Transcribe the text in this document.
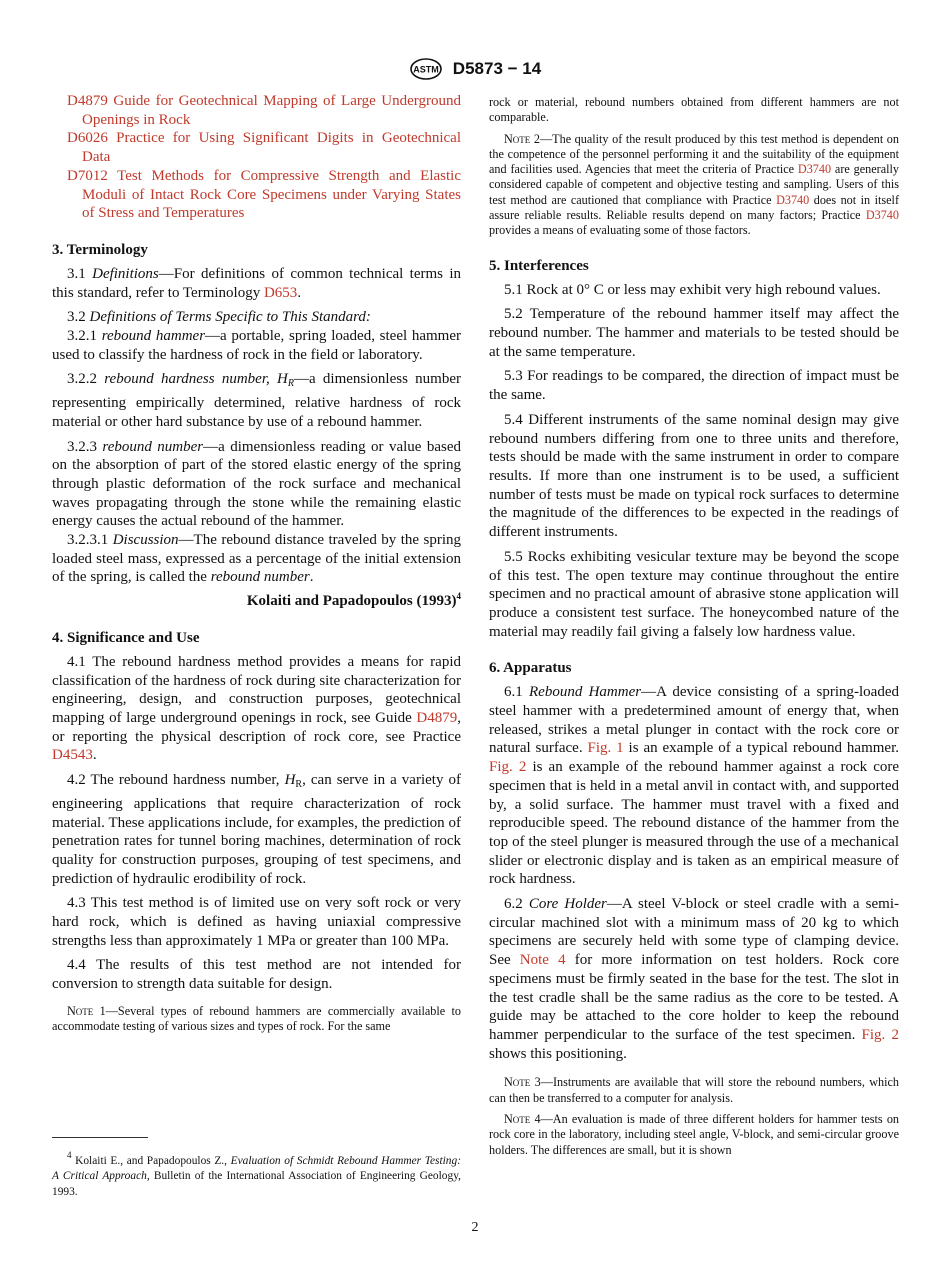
ASTM D5873 − 14

D4879 Guide for Geotechnical Mapping of Large Underground Openings in Rock

D6026 Practice for Using Significant Digits in Geotechnical Data

D7012 Test Methods for Compressive Strength and Elastic Moduli of Intact Rock Core Specimens under Varying States of Stress and Temperatures

3. Terminology

3.1 Definitions—For definitions of common technical terms in this standard, refer to Terminology D653.

3.2 Definitions of Terms Specific to This Standard:

3.2.1 rebound hammer—a portable, spring loaded, steel hammer used to classify the hardness of rock in the field or laboratory.

3.2.2 rebound hardness number, $H_R—a$ dimensionless number representing empirically determined, relative hardness of rock material or other hard substance by use of a rebound hammer.

3.2.3 rebound number—a dimensionless reading or value based on the absorption of part of the stored elastic energy of the spring through plastic deformation of the rock surface and mechanical waves propagating through the stone while the remaining elastic energy causes the actual rebound of the hammer.

3.2.3.1 Discussion—The rebound distance traveled by the spring loaded steel mass, expressed as a percentage of the initial extension of the spring, is called the rebound number.

Kolaiti and Papadopoulos $(1993)^4$

4. Significance and Use

4.1 The rebound hardness method provides a means for rapid classification of the hardness of rock during site characterization for engineering, design, and construction purposes, geotechnical mapping of large underground openings in rock, see Guide D4879, or reporting the physical description of rock core, see Practice D4543.

4.2 The rebound hardness number, $H_R$, can serve in a variety of engineering applications that require characterization of rock material. These applications include, for examples, the prediction of penetration rates for tunnel boring machines, determination of rock quality for construction purposes, grouping of test specimens, and prediction of hydraulic erodibility of rock.

4.3 This test method is of limited use on very soft rock or very hard rock, which is defined as having uniaxial compressive strengths less than approximately 1 MPa or greater than 100 MPa.

4.4 The results of this test method are not intended for conversion to strength data suitable for design.

Note 1—Several types of rebound hammers are commercially available to accommodate testing of various sizes and types of rock. For the same

$^4$ Kolaiti E., and Papadopoulos Z., Evaluation of Schmidt Rebound Hammer Testing: A Critical Approach, Bulletin of the International Association of Engineering Geology, 1993.

rock or material, rebound numbers obtained from different hammers are not comparable.

Note 2—The quality of the result produced by this test method is dependent on the competence of the personnel performing it and the suitability of the equipment and facilities used. Agencies that meet the criteria of Practice D3740 are generally considered capable of competent and objective testing and sampling. Users of this test method are cautioned that compliance with Practice D3740 does not in itself assure reliable results. Reliable results depend on many factors; Practice D3740 provides a means of evaluating some of those factors.

5. Interferences

5.1 Rock at 0° C or less may exhibit very high rebound values.

5.2 Temperature of the rebound hammer itself may affect the rebound number. The hammer and materials to be tested should be at the same temperature.

5.3 For readings to be compared, the direction of impact must be the same.

5.4 Different instruments of the same nominal design may give rebound numbers differing from one to three units and therefore, tests should be made with the same instrument in order to compare results. If more than one instrument is to be used, a sufficient number of tests must be made on typical rock surfaces to determine the magnitude of the differences to be expected in the readings of different instruments.

5.5 Rocks exhibiting vesicular texture may be beyond the scope of this test. The open texture may continue throughout the entire specimen and no practical amount of abrasive stone application will produce a consistent test surface. The honeycombed nature of the material may readily fail giving a falsely low hardness value.

6. Apparatus

6.1 Rebound Hammer—A device consisting of a spring-loaded steel hammer with a predetermined amount of energy that, when released, strikes a metal plunger in contact with the rock core or natural surface. Fig. 1 is an example of a typical rebound hammer. Fig. 2 is an example of the rebound hammer against a rock core specimen that is held in a metal anvil in contact with, and supported by, a solid surface. The hammer must travel with a fixed and reproducible speed. The rebound distance of the hammer from the top of the steel plunger is measured through the use of a mechanical slider or electronic display and is taken as an empirical measure of rock hardness.

6.2 Core Holder—A steel V-block or steel cradle with a semi-circular machined slot with a minimum mass of 20 kg to which specimens are securely held with some type of clamping device. See Note 4 for more information on test holders. Rock core specimens must be firmly seated in the base for the test. The slot in the test cradle shall be the same radius as the core to be tested. A guide may be attached to the core holder to keep the rebound hammer perpendicular to the surface of the test specimen. Fig. 2 shows this positioning.

Note 3—Instruments are available that will store the rebound numbers, which can then be transferred to a computer for analysis.

Note 4—An evaluation is made of three different holders for hammer tests on rock core in the laboratory, including steel angle, V-block, and semi-circular groove holders. The differences are small, but it is shown

2
